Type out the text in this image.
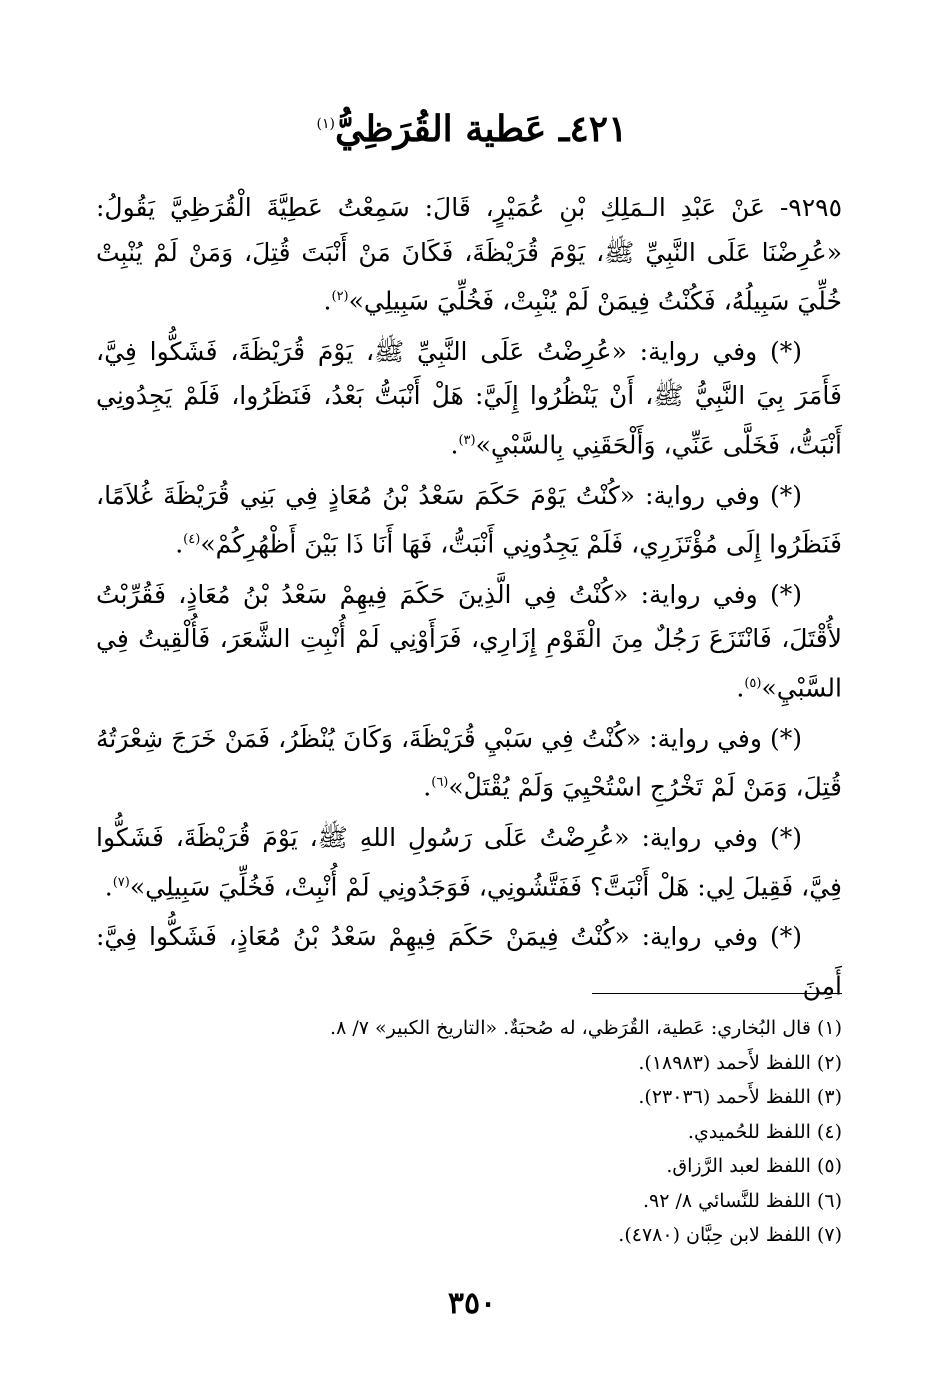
٤٢١ـ عَطية القُرَظِيُّ$^{(١)}$

٩٢٩٥- عَنْ عَبْدِ الـمَلِكِ بْنِ عُمَيْرٍ، قَالَ: سَمِعْتُ عَطِيَّةَ الْقُرَظِيَّ يَقُولُ: «عُرِضْنَا عَلَى النَّبِيِّ ﷺ، يَوْمَ قُرَيْظَةَ، فَكَانَ مَنْ أَنْبَتَ قُتِلَ، وَمَنْ لَمْ يُنْبِتْ خُلِّيَ سَبِيلُهُ، فَكُنْتُ فِيمَنْ لَمْ يُنْبِتْ، فَخُلِّيَ سَبِيلِي»$^{(٢)}$.

(*) وفي رواية: «عُرِضْتُ عَلَى النَّبِيِّ ﷺ، يَوْمَ قُرَيْظَةَ، فَشَكُّوا فِيَّ، فَأَمَرَ بِيَ النَّبِيُّ ﷺ، أَنْ يَنْظُرُوا إِلَيَّ: هَلْ أَنْبَتُّ بَعْدُ، فَنَظَرُوا، فَلَمْ يَجِدُونِي أَنْبَتُّ، فَخَلَّى عَنِّي، وَأَلْحَقَنِي بِالسَّبْيِ»$^{(٣)}$.

(*) وفي رواية: «كُنْتُ يَوْمَ حَكَمَ سَعْدُ بْنُ مُعَاذٍ فِي بَنِي قُرَيْظَةَ غُلاَمًا، فَنَظَرُوا إِلَى مُؤْتَزَرِي، فَلَمْ يَجِدُونِي أَنْبَتُّ، فَهَا أَنَا ذَا بَيْنَ أَظْهُرِكُمْ»$^{(٤)}$.

(*) وفي رواية: «كُنْتُ فِي الَّذِينَ حَكَمَ فِيهِمْ سَعْدُ بْنُ مُعَاذٍ، فَقُرِّبْتُ لأُقْتَلَ، فَانْتَزَعَ رَجُلٌ مِنَ الْقَوْمِ إِزَارِي، فَرَأَوْنِي لَمْ أُنْبِتِ الشَّعَرَ، فَأُلْقِيتُ فِي السَّبْيِ»$^{(٥)}$.

(*) وفي رواية: «كُنْتُ فِي سَبْيِ قُرَيْظَةَ، وَكَانَ يُنْظَرُ، فَمَنْ خَرَجَ شِعْرَتُهُ قُتِلَ، وَمَنْ لَمْ تَخْرُجِ اسْتُحْيِيَ وَلَمْ يُقْتَلْ»$^{(٦)}$.

(*) وفي رواية: «عُرِضْتُ عَلَى رَسُولِ اللهِ ﷺ، يَوْمَ قُرَيْظَةَ، فَشَكُّوا فِيَّ، فَقِيلَ لِي: هَلْ أَنْبَتَّ؟ فَفَتَّشُونِي، فَوَجَدُونِي لَمْ أُنْبِتْ، فَخُلِّيَ سَبِيلِي»$^{(٧)}$.

(*) وفي رواية: «كُنْتُ فِيمَنْ حَكَمَ فِيهِمْ سَعْدُ بْنُ مُعَاذٍ، فَشَكُّوا فِيَّ: أَمِنَ

(١) قال البُخاري: عَطية، القُرَظي، له صُحبَةٌ. «التاريخ الكبير» ٧/ ٨.
(٢) اللفظ لأَحمد (١٨٩٨٣).
(٣) اللفظ لأَحمد (٢٣٠٣٦).
(٤) اللفظ للحُميدي.
(٥) اللفظ لعبد الرَّزاق.
(٦) اللفظ للنَّسائي ٨/ ٩٢.
(٧) اللفظ لابن حِبَّان (٤٧٨٠).
٣٥٠
